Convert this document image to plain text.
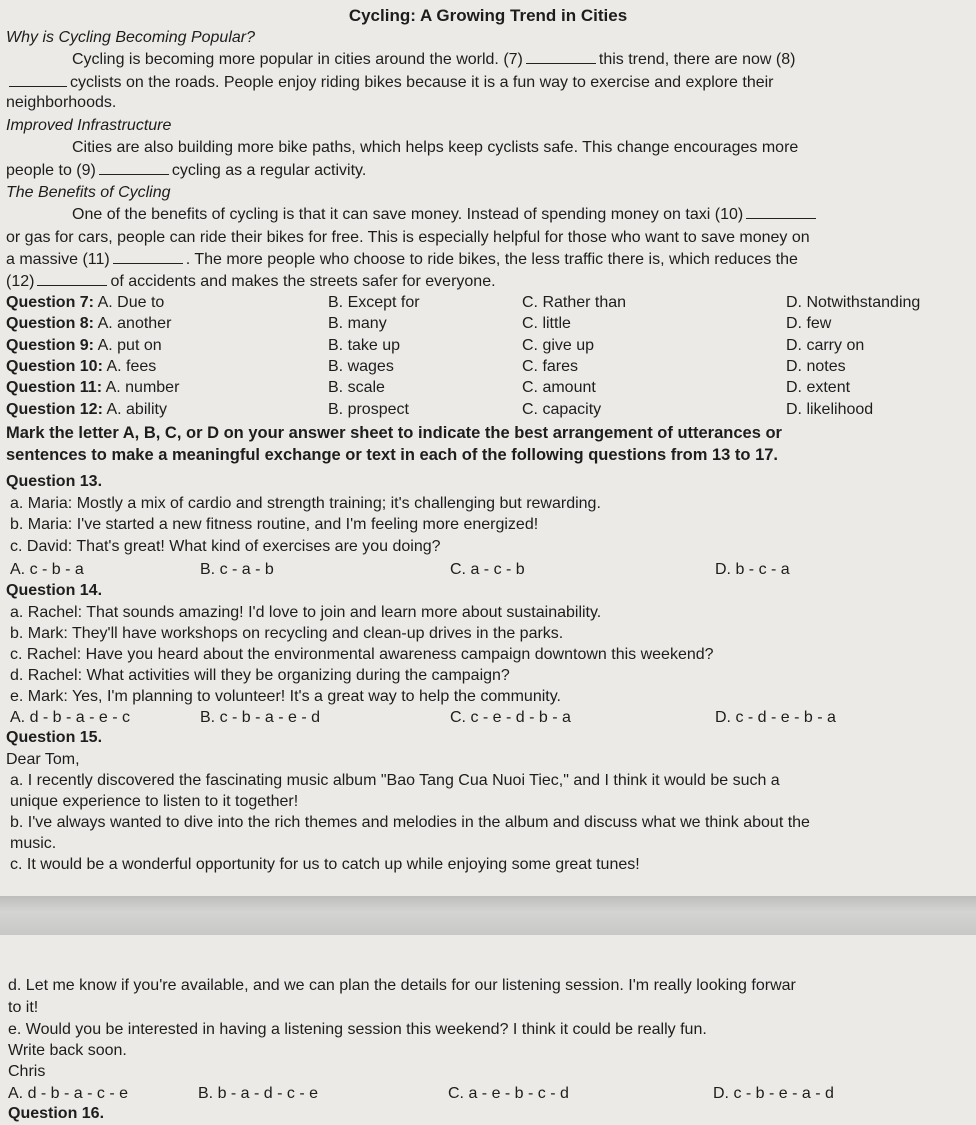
Cycling: A Growing Trend in Cities
Why is Cycling Becoming Popular?
Cycling is becoming more popular in cities around the world. (7)	this trend, there are now (8)
cyclists on the roads. People enjoy riding bikes because it is a fun way to exercise and explore their
neighborhoods.
Improved Infrastructure
Cities are also building more bike paths, which helps keep cyclists safe. This change encourages more
people to (9)	cycling as a regular activity.
The Benefits of Cycling
One of the benefits of cycling is that it can save money. Instead of spending money on taxi (10)
or gas for cars, people can ride their bikes for free. This is especially helpful for those who want to save money on
a massive (11)	. The more people who choose to ride bikes, the less traffic there is, which reduces the
(12)	of accidents and makes the streets safer for everyone.
Question 7: A. Due to	B. Except for	C. Rather than	D. Notwithstanding
Question 8: A. another	B. many	C. little	D. few
Question 9: A. put on	B. take up	C. give up	D. carry on
Question 10: A. fees	B. wages	C. fares	D. notes
Question 11: A. number	B. scale	C. amount	D. extent
Question 12: A. ability	B. prospect	C. capacity	D. likelihood
Mark the letter A, B, C, or D on your answer sheet to indicate the best arrangement of utterances or
sentences to make a meaningful exchange or text in each of the following questions from 13 to 17.
Question 13.
a. Maria: Mostly a mix of cardio and strength training; it's challenging but rewarding.
b. Maria: I've started a new fitness routine, and I'm feeling more energized!
c. David: That's great! What kind of exercises are you doing?
A. c - b - a	B. c - a - b	C. a - c - b	D. b - c - a
Question 14.
a. Rachel: That sounds amazing! I'd love to join and learn more about sustainability.
b. Mark: They'll have workshops on recycling and clean-up drives in the parks.
c. Rachel: Have you heard about the environmental awareness campaign downtown this weekend?
d. Rachel: What activities will they be organizing during the campaign?
e. Mark: Yes, I'm planning to volunteer! It's a great way to help the community.
A. d - b - a - e - c	B. c - b - a - e - d	C. c - e - d - b - a	D. c - d - e - b - a
Question 15.
Dear Tom,
a. I recently discovered the fascinating music album "Bao Tang Cua Nuoi Tiec," and I think it would be such a
unique experience to listen to it together!
b. I've always wanted to dive into the rich themes and melodies in the album and discuss what we think about the
music.
c. It would be a wonderful opportunity for us to catch up while enjoying some great tunes!
d. Let me know if you're available, and we can plan the details for our listening session. I'm really looking forwar
to it!
e. Would you be interested in having a listening session this weekend? I think it could be really fun.
Write back soon.
Chris
A. d - b - a - c - e	B. b - a - d - c - e	C. a - e - b - c - d	D. c - b - e - a - d
Question 16.
